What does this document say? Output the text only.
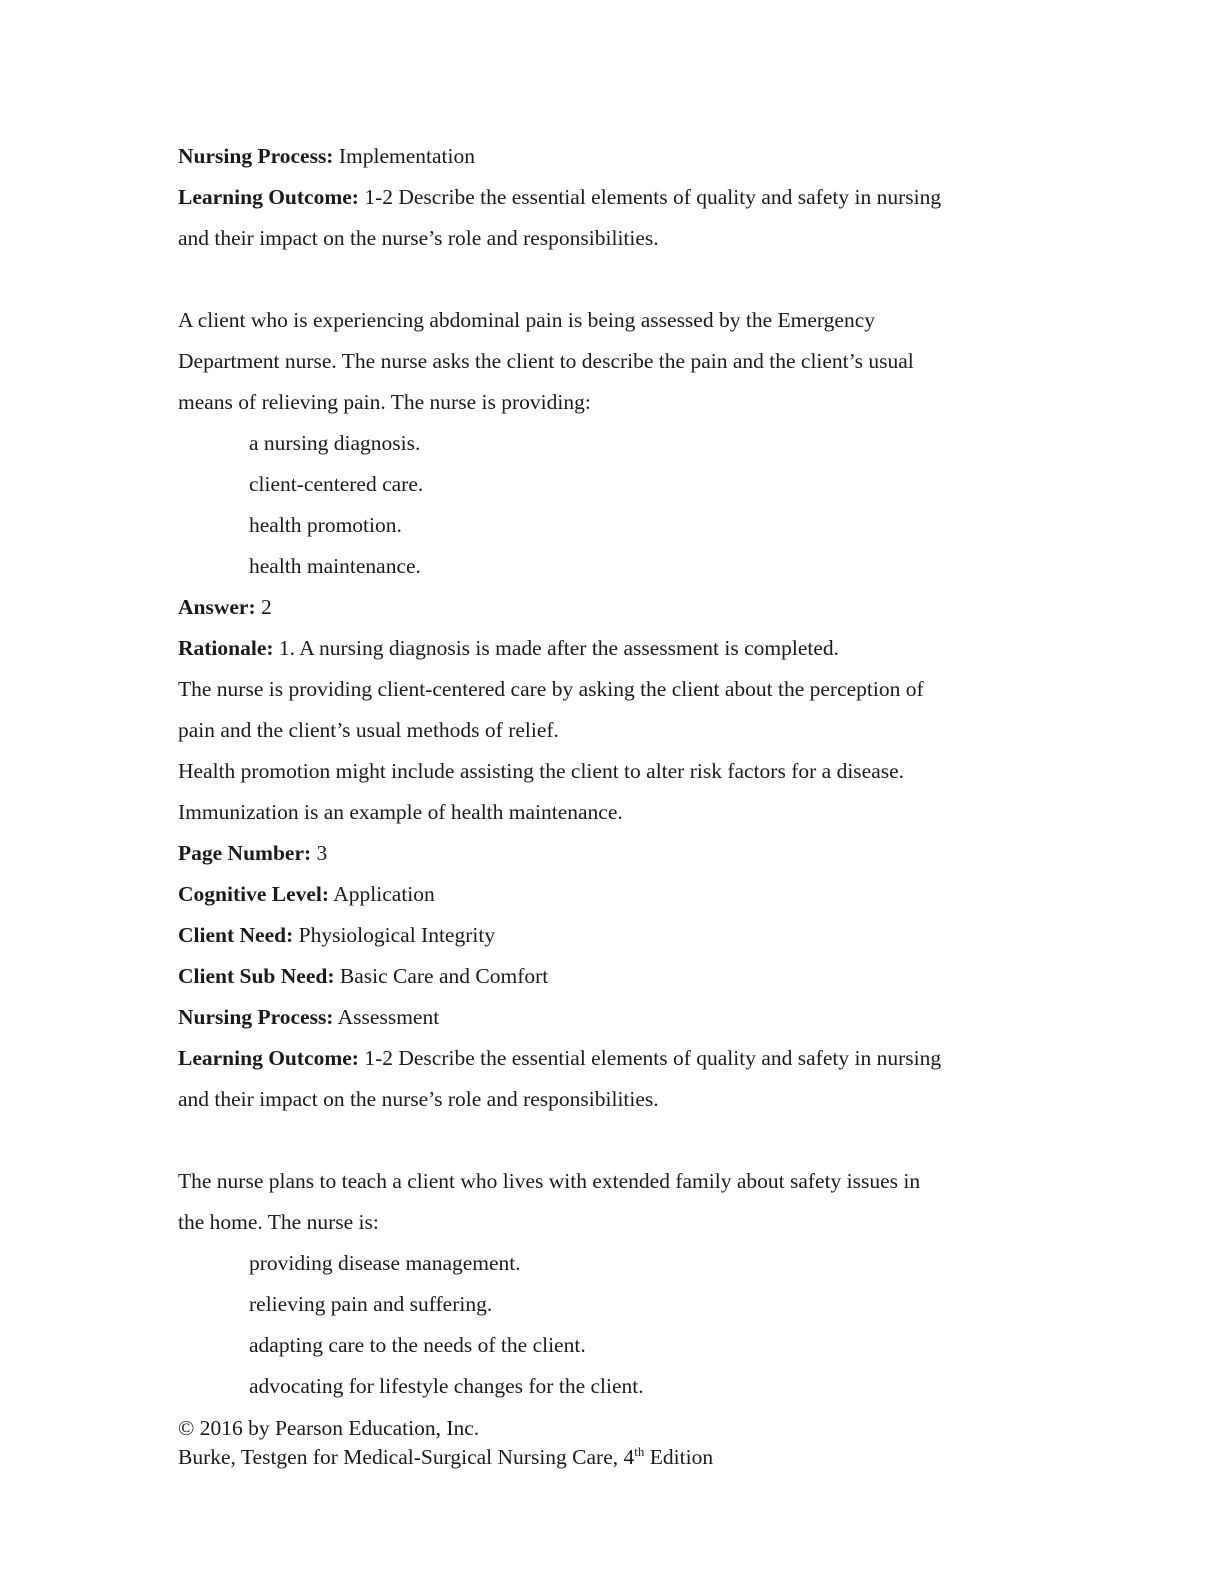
Nursing Process: Implementation
Learning Outcome: 1-2 Describe the essential elements of quality and safety in nursing
and their impact on the nurse’s role and responsibilities.
A client who is experiencing abdominal pain is being assessed by the Emergency
Department nurse. The nurse asks the client to describe the pain and the client’s usual
means of relieving pain. The nurse is providing:
a nursing diagnosis.
client-centered care.
health promotion.
health maintenance.
Answer: 2
Rationale: 1. A nursing diagnosis is made after the assessment is completed.
The nurse is providing client-centered care by asking the client about the perception of
pain and the client’s usual methods of relief.
Health promotion might include assisting the client to alter risk factors for a disease.
Immunization is an example of health maintenance.
Page Number: 3
Cognitive Level: Application
Client Need: Physiological Integrity
Client Sub Need: Basic Care and Comfort
Nursing Process: Assessment
Learning Outcome: 1-2 Describe the essential elements of quality and safety in nursing
and their impact on the nurse’s role and responsibilities.
The nurse plans to teach a client who lives with extended family about safety issues in
the home. The nurse is:
providing disease management.
relieving pain and suffering.
adapting care to the needs of the client.
advocating for lifestyle changes for the client.
© 2016 by Pearson Education, Inc.
Burke, Testgen for Medical-Surgical Nursing Care, 4th Edition
